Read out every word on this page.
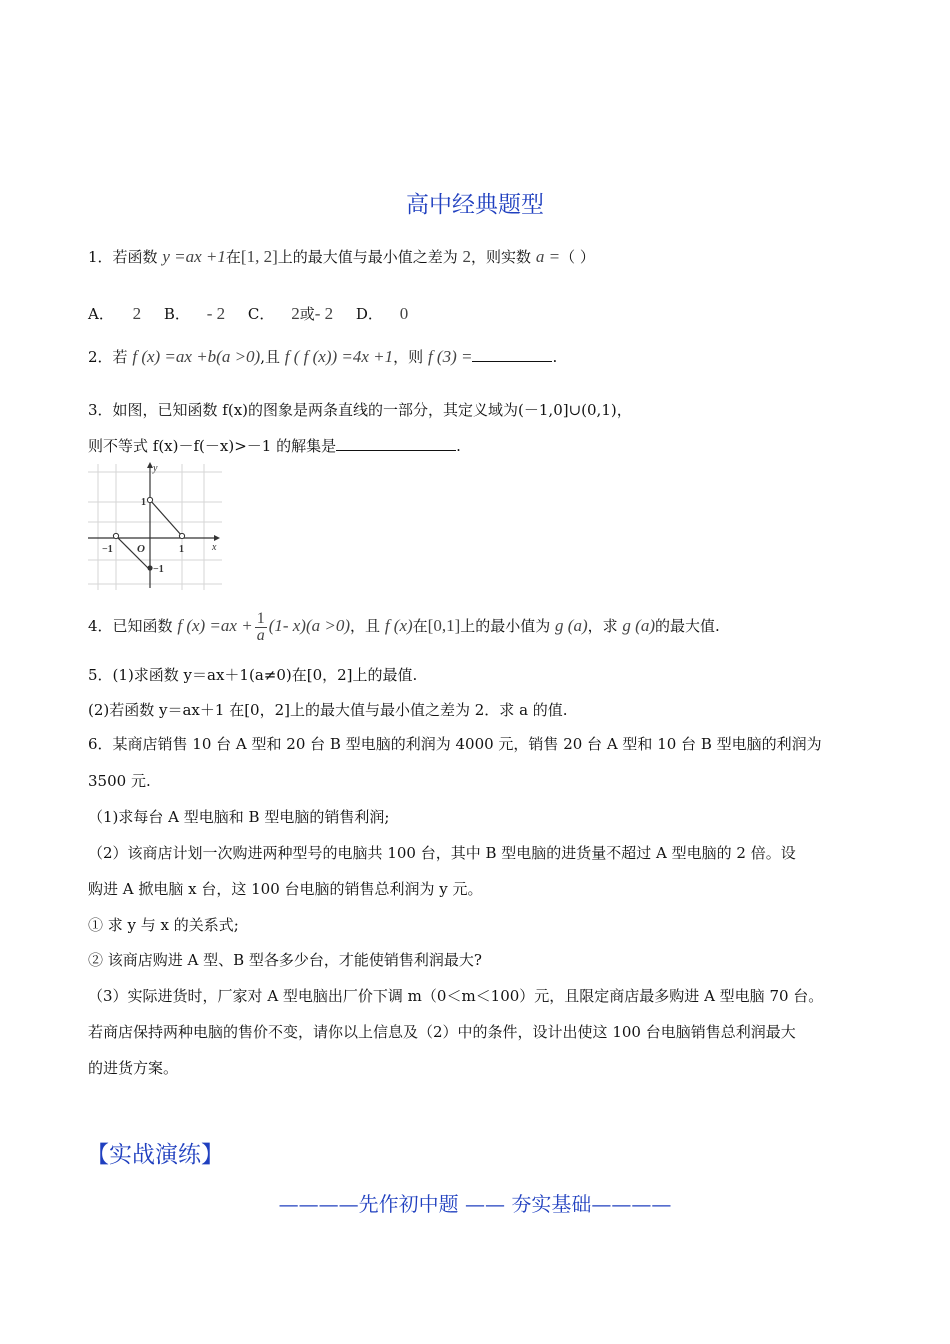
高中经典题型
1．若函数 y =ax +1在[1, 2]上的最大值与最小值之差为 2，则实数 a =（ ）
A． 2 B． - 2 C． 2或- 2 D． 0
2．若 f (x) =ax +b(a >0),且 f ( f (x)) =4x +1，则 f (3) =	.
3．如图，已知函数 f(x)的图象是两条直线的一部分，其定义域为(－1,0]∪(0,1)，
则不等式 f(x)－f(－x)>－1 的解集是	.
y
x
O
1
1
−1
−1
4．已知函数 f $(x) =ax + \frac{1}{a} (1-$ x)(a >0)，且 f (x)在[0,1]上的最小值为 g (a)，求 g (a)的最大值.
5．(1)求函数 y＝ax＋1(a≠0)在[0，2]上的最值.
(2)若函数 y＝ax＋1 在[0，2]上的最大值与最小值之差为 2．求 a 的值.
6．某商店销售 10 台 A 型和 20 台 B 型电脑的利润为 4000 元，销售 20 台 A 型和 10 台 B 型电脑的利润为
3500 元.
（1)求每台 A 型电脑和 B 型电脑的销售利润;
（2）该商店计划一次购进两种型号的电脑共 100 台，其中 B 型电脑的进货量不超过 A 型电脑的 2 倍。设
购进 A 掀电脑 x 台，这 100 台电脑的销售总利润为 y 元。
① 求 y 与 x 的关系式;
② 该商店购进 A 型、B 型各多少台，才能使销售利润最大?
（3）实际进货时，厂家对 A 型电脑出厂价下调 m（0＜m＜100）元，且限定商店最多购进 A 型电脑 70 台。
若商店保持两种电脑的售价不变，请你以上信息及（2）中的条件，设计出使这 100 台电脑销售总利润最大
的进货方案。
【实战演练】
————先作初中题 —— 夯实基础————
